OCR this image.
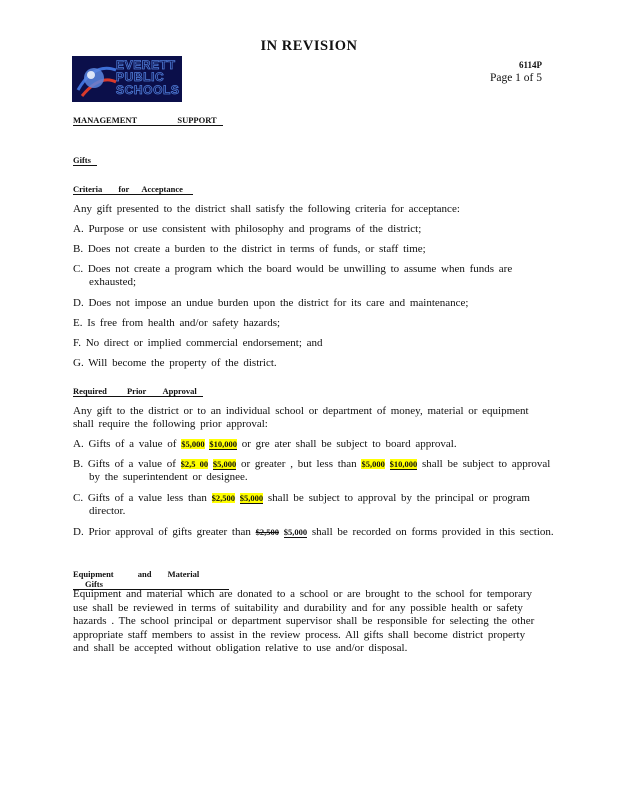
IN REVISION
EVERETT
PUBLIC
SCHOOLS
6114P
Page 1 of 5
MANAGEMENT	SUPPORT
Gifts
Criteria for Acceptance
Any gift presented to the district shall satisfy the following criteria for acceptance:
A. Purpose or use consistent with philosophy and programs of the district;
B. Does not create a burden to the district in terms of funds, or staff time;
C. Does not create a program which the board would be unwilling to assume when funds are exhausted;
D. Does not impose an undue burden upon the district for its care and maintenance;
E. Is free from health and/or safety hazards;
F. No direct or implied commercial endorsement; and
G. Will become the property of the district.
Required Prior Approval
Any gift to the district or to an individual school or department of money, material or equipment shall require the following prior approval:
A. Gifts of a value of $5,000 $10,000 or gre ater shall be subject to board approval.
B. Gifts of a value of $2,5 00 $5,000 or greater , but less than $5,000 $10,000 shall be subject to approval by the superintendent or designee.
C. Gifts of a value less than $2,500 $5,000 shall be subject to approval by the principal or program director.
D. Prior approval of gifts greater than $2,500 $5,000 shall be recorded on forms provided in this section.
Equipment	and Material Gifts
Equipment and material which are donated to a school or are brought to the school for temporary use shall be reviewed in terms of suitability and durability and for any possible health or safety hazards . The school principal or department supervisor shall be responsible for selecting the other appropriate staff members to assist in the review process. All gifts shall become district property and shall be accepted without obligation relative to use and/or disposal.
